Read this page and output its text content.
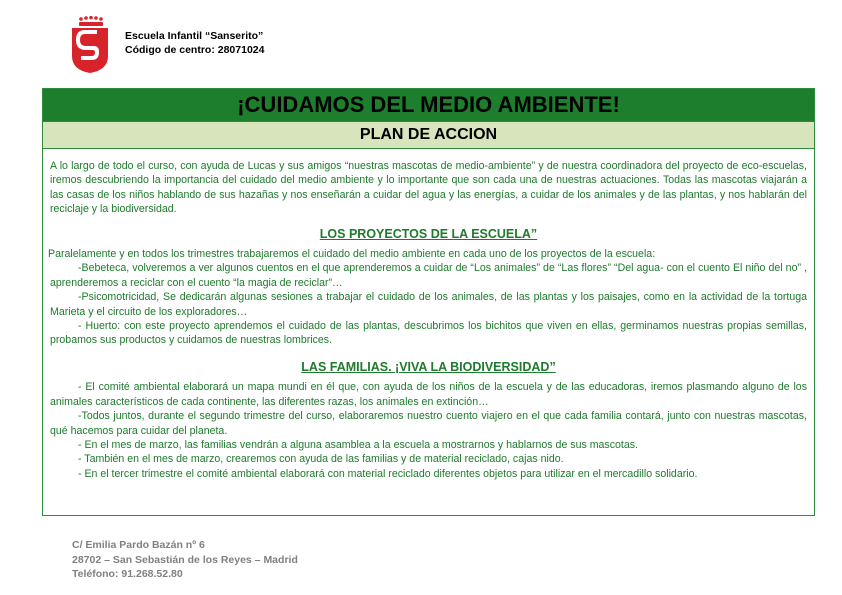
Escuela Infantil “Sanserito”
Código de centro: 28071024
¡CUIDAMOS DEL MEDIO AMBIENTE!
PLAN DE ACCION

A lo largo de todo el curso, con ayuda de Lucas y sus amigos “nuestras mascotas de medio-ambiente” y de nuestra coordinadora del proyecto de eco-escuelas, iremos descubriendo la importancia del cuidado del medio ambiente y lo importante que son cada una de nuestras actuaciones. Todas las mascotas viajarán a las casas de los niños hablando de sus hazañas y nos enseñarán a cuidar del agua y las energías, a cuidar de los animales y de las plantas, y nos hablarán del reciclaje y la biodiversidad.

LOS PROYECTOS DE LA ESCUELA”

Paralelamente y en todos los trimestres trabajaremos el cuidado del medio ambiente en cada uno de los proyectos de la escuela:

-Bebeteca, volveremos a ver algunos cuentos en el que aprenderemos a cuidar de “Los animales” de “Las flores” “Del agua- con el cuento El niño del no” , aprenderemos a reciclar con el cuento “la magia de reciclar”…

-Psicomotricidad, Se dedicarán algunas sesiones a trabajar el cuidado de los animales, de las plantas y los paisajes, como en la actividad de la tortuga Marieta y el circuito de los exploradores…

- Huerto: con este proyecto aprendemos el cuidado de las plantas, descubrimos los bichitos que viven en ellas, germinamos nuestras propias semillas, probamos sus productos y cuidamos de nuestras lombrices.

LAS FAMILIAS. ¡VIVA LA BIODIVERSIDAD”

- El comité ambiental elaborará un mapa mundi en él que, con ayuda de los niños de la escuela y de las educadoras, iremos plasmando alguno de los animales característicos de cada continente, las diferentes razas, los animales en extinción…

-Todos juntos, durante el segundo trimestre del curso, elaboraremos nuestro cuento viajero en el que cada familia contará, junto con nuestras mascotas, qué hacemos para cuidar del planeta.

- En el mes de marzo, las familias vendrán a alguna asamblea a la escuela a mostrarnos y hablarnos de sus mascotas.

- También en el mes de marzo, crearemos con ayuda de las familias y de material reciclado, cajas nido.

- En el tercer trimestre el comité ambiental elaborará con material reciclado diferentes objetos para utilizar en el mercadillo solidario.

C/ Emilia Pardo Bazán nº 6
28702 – San Sebastián de los Reyes – Madrid
Teléfono: 91.268.52.80
